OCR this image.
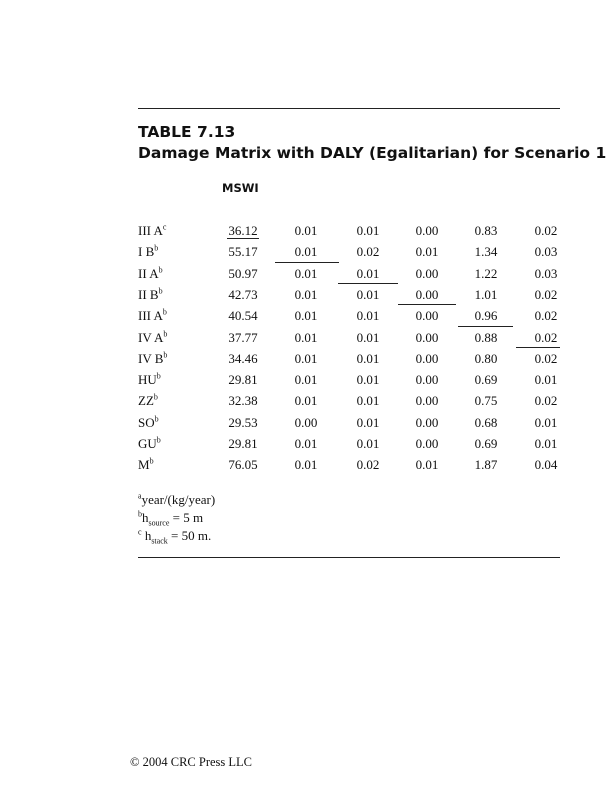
TABLE 7.13
Damage Matrix with DALY (Egalitarian) for Scenario 1
MSWI
III $A^c$	36.12	0.01	0.01	0.00	0.83	0.02
I $B^b$	55.17	0.01	0.02	0.01	1.34	0.03
II $A^b$	50.97	0.01	0.01	0.00	1.22	0.03
II $B^b$	42.73	0.01	0.01	0.00	1.01	0.02
III $A^b$	40.54	0.01	0.01	0.00	0.96	0.02
IV $A^b$	37.77	0.01	0.01	0.00	0.88	0.02
IV $B^b$	34.46	0.01	0.01	0.00	0.80	0.02
$HU^b$	29.81	0.01	0.01	0.00	0.69	0.01
$ZZ^b$	32.38	0.01	0.01	0.00	0.75	0.02
$SO^b$	29.53	0.00	0.01	0.00	0.68	0.01
$GU^b$	29.81	0.01	0.01	0.00	0.69	0.01
$M^b$	76.05	0.01	0.02	0.01	1.87	0.04
$^a$year/(kg/year)
$^bh_{source} = 5$ m
$^c$ $h_{stack} = 50$ m.
© 2004 CRC Press LLC
